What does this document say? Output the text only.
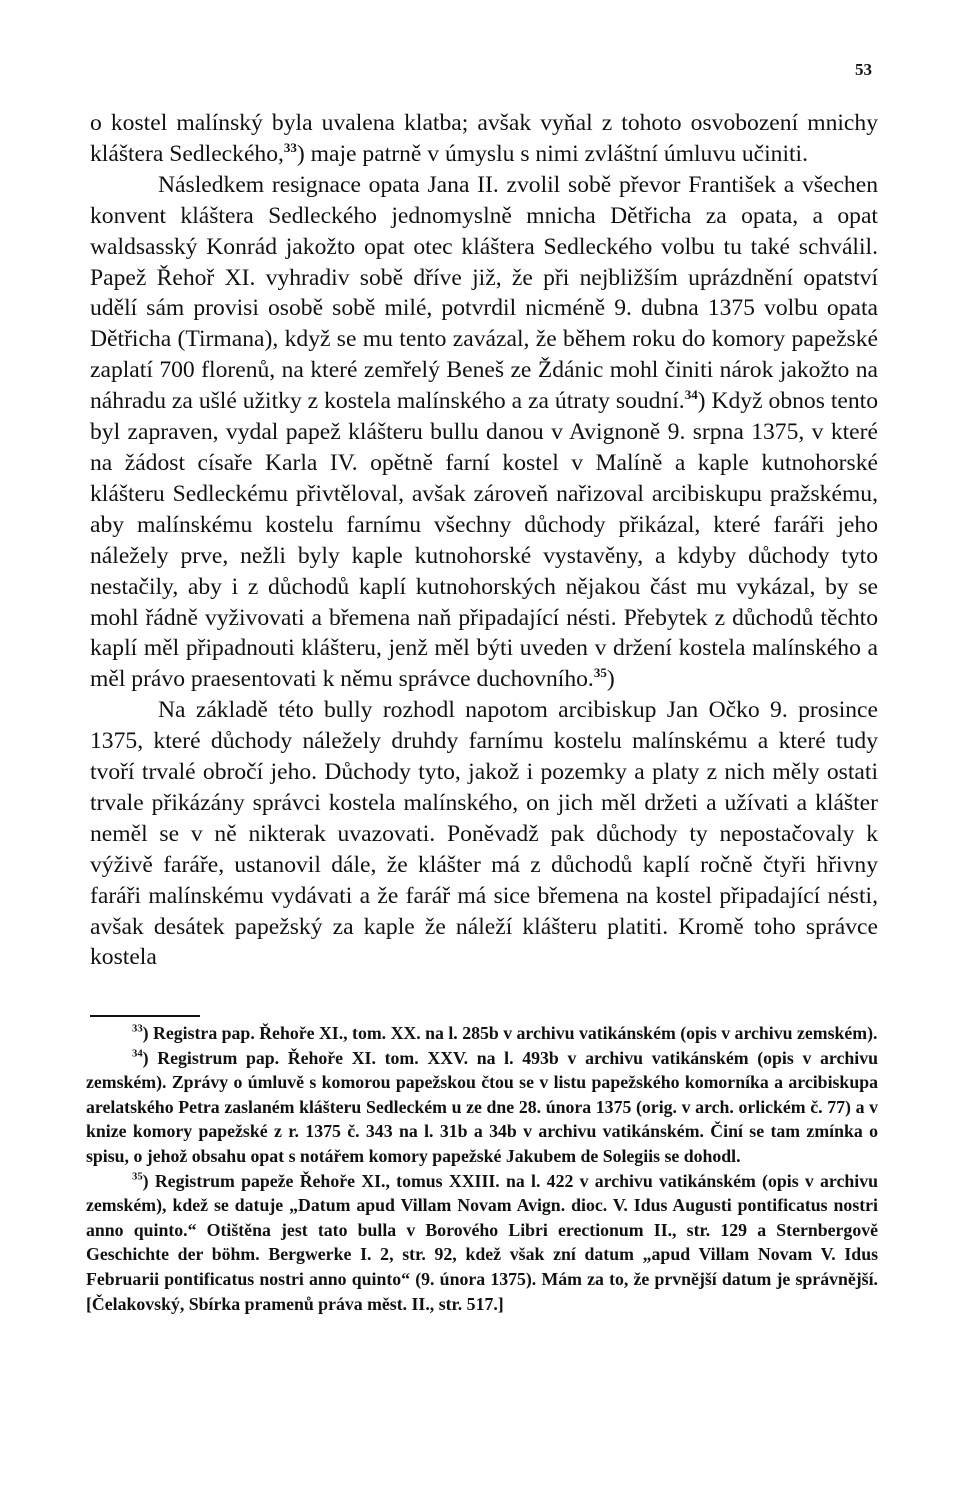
53

o kostel malínský byla uvalena klatba; avšak vyňal z tohoto osvobození mnichy kláštera Sedleckého,$^{33}$) maje patrně v úmyslu s nimi zvláštní úmluvu učiniti.

Následkem resignace opata Jana II. zvolil sobě převor František a všechen konvent kláštera Sedleckého jednomyslně mnicha Dětřicha za opata, a opat waldsasský Konrád jakožto opat otec kláštera Sedleckého volbu tu také schválil. Papež Řehoř XI. vyhradiv sobě dříve již, že při nejbližším uprázdnění opatství udělí sám provisi osobě sobě milé, potvrdil nicméně 9. dubna 1375 volbu opata Dětřicha (Tirmana), když se mu tento zavázal, že během roku do komory papežské zaplatí 700 florenů, na které zemřelý Beneš ze Ždánic mohl činiti nárok jakožto na náhradu za ušlé užitky z kostela malínského a za útraty soudní.$^{34}$) Když obnos tento byl zapraven, vydal papež klášteru bullu danou v Avignoně 9. srpna 1375, v které na žádost císaře Karla IV. opětně farní kostel v Malíně a kaple kutnohorské klášteru Sedleckému přivtěloval, avšak zároveň nařizoval arcibiskupu pražskému, aby malínskému kostelu farnímu všechny důchody přikázal, které faráři jeho náležely prve, nežli byly kaple kutnohorské vystavěny, a kdyby důchody tyto nestačily, aby i z důchodů kaplí kutnohorských nějakou část mu vykázal, by se mohl řádně vyživovati a břemena naň připadající nésti. Přebytek z důchodů těchto kaplí měl připadnouti klášteru, jenž měl býti uveden v držení kostela malínského a měl právo praesentovati k němu správce duchovního.$^{35}$)

Na základě této bully rozhodl napotom arcibiskup Jan Očko 9. prosince 1375, které důchody náležely druhdy farnímu kostelu malínskému a které tudy tvoří trvalé obročí jeho. Důchody tyto, jakož i pozemky a platy z nich měly ostati trvale přikázány správci kostela malínského, on jich měl držeti a užívati a klášter neměl se v ně nikterak uvazovati. Poněvadž pak důchody ty nepostačovaly k výživě faráře, ustanovil dále, že klášter má z důchodů kaplí ročně čtyři hřivny faráři malínskému vydávati a že farář má sice břemena na kostel připadající nésti, avšak desátek papežský za kaple že náleží klášteru platiti. Kromě toho správce kostela

$^{33}$) Registra pap. Řehoře XI., tom. XX. na l. 285b v archivu vatikánském (opis v archivu zemském).

$^{34}$) Registrum pap. Řehoře XI. tom. XXV. na l. 493b v archivu vatikánském (opis v archivu zemském). Zprávy o úmluvě s komorou papežskou čtou se v listu papežského komorníka a arcibiskupa arelatského Petra zaslaném klášteru Sedleckém u ze dne 28. února 1375 (orig. v arch. orlickém č. 77) a v knize komory papežské z r. 1375 č. 343 na l. 31b a 34b v archivu vatikánském. Činí se tam zmínka o spisu, o jehož obsahu opat s notářem komory papežské Jakubem de Solegiis se dohodl.

$^{35}$) Registrum papeže Řehoře XI., tomus XXIII. na l. 422 v archivu vatikánském (opis v archivu zemském), kdež se datuje „Datum apud Villam Novam Avign. dioc. V. Idus Augusti pontificatus nostri anno quinto.“ Otištěna jest tato bulla v Borového Libri erectionum II., str. 129 a Sternbergově Geschichte der böhm. Bergwerke I. 2, str. 92, kdež však zní datum „apud Villam Novam V. Idus Februarii pontificatus nostri anno quinto“ (9. února 1375). Mám za to, že prvnější datum je správnější. [Čelakovský, Sbírka pramenů práva měst. II., str. 517.]
